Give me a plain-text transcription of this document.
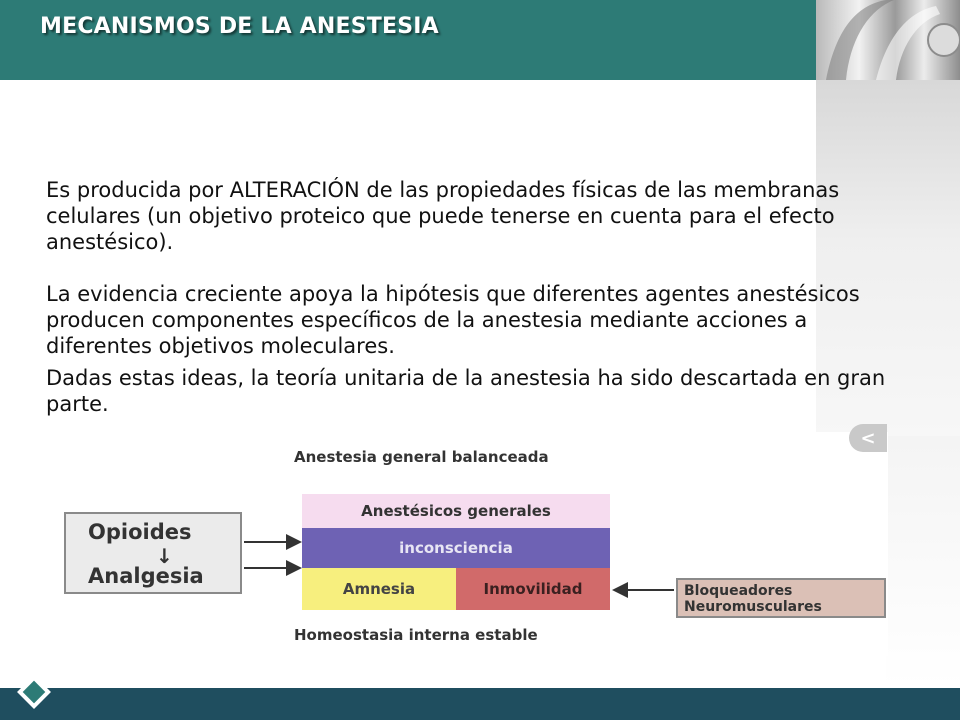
MECANISMOS DE LA ANESTESIA

Es producida por ALTERACIÓN de las propiedades físicas de las membranas celulares (un objetivo proteico que puede tenerse en cuenta para el efecto anestésico).

La evidencia creciente apoya la hipótesis que diferentes agentes anestésicos producen componentes específicos de la anestesia mediante acciones a diferentes objetivos moleculares.

Dadas estas ideas, la teoría unitaria de la anestesia ha sido descartada en gran parte.

Anestesia general balanceada
Opioides
↓
Analgesia
Anestésicos generales
inconsciencia
Amnesia	Inmovilidad	Bloqueadores
Neuromusculares
Homeostasia interna estable
<
